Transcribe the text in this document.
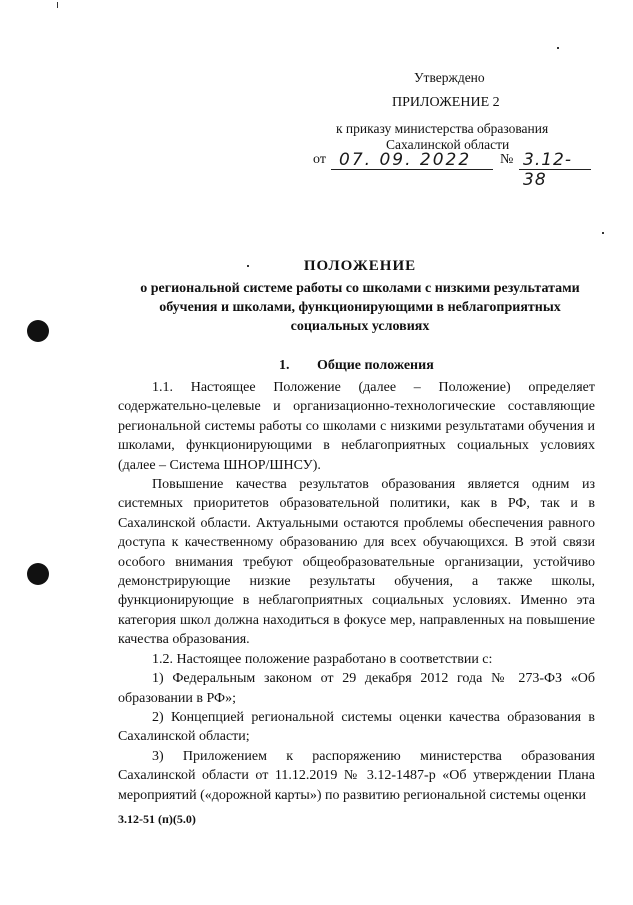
Утверждено
ПРИЛОЖЕНИЕ 2
к приказу министерства образования
Сахалинской области
от 07. 09. 2022	№ 3.12-38
ПОЛОЖЕНИЕ
о региональной системе работы со школами с низкими результатами
обучения и школами, функционирующими в неблагоприятных
социальных условиях
1. Общие положения

1.1. Настоящее Положение (далее – Положение) определяет содержательно-целевые и организационно-технологические составляющие региональной системы работы со школами с низкими результатами обучения и школами, функционирующими в неблагоприятных социальных условиях (далее – Система ШНОР/ШНСУ).

Повышение качества результатов образования является одним из системных приоритетов образовательной политики, как в РФ, так и в Сахалинской области. Актуальными остаются проблемы обеспечения равного доступа к качественному образованию для всех обучающихся. В этой связи особого внимания требуют общеобразовательные организации, устойчиво демонстрирующие низкие результаты обучения, а также школы, функционирующие в неблагоприятных социальных условиях. Именно эта категория школ должна находиться в фокусе мер, направленных на повышение качества образования.

1.2. Настоящее положение разработано в соответствии с:

1) Федеральным законом от 29 декабря 2012 года № 273-ФЗ «Об образовании в РФ»;

2) Концепцией региональной системы оценки качества образования в Сахалинской области;

3) Приложением к распоряжению министерства образования Сахалинской области от 11.12.2019 № 3.12-1487-р «Об утверждении Плана мероприятий («дорожной карты») по развитию региональной системы оценки

3.12-51 (п)(5.0)
